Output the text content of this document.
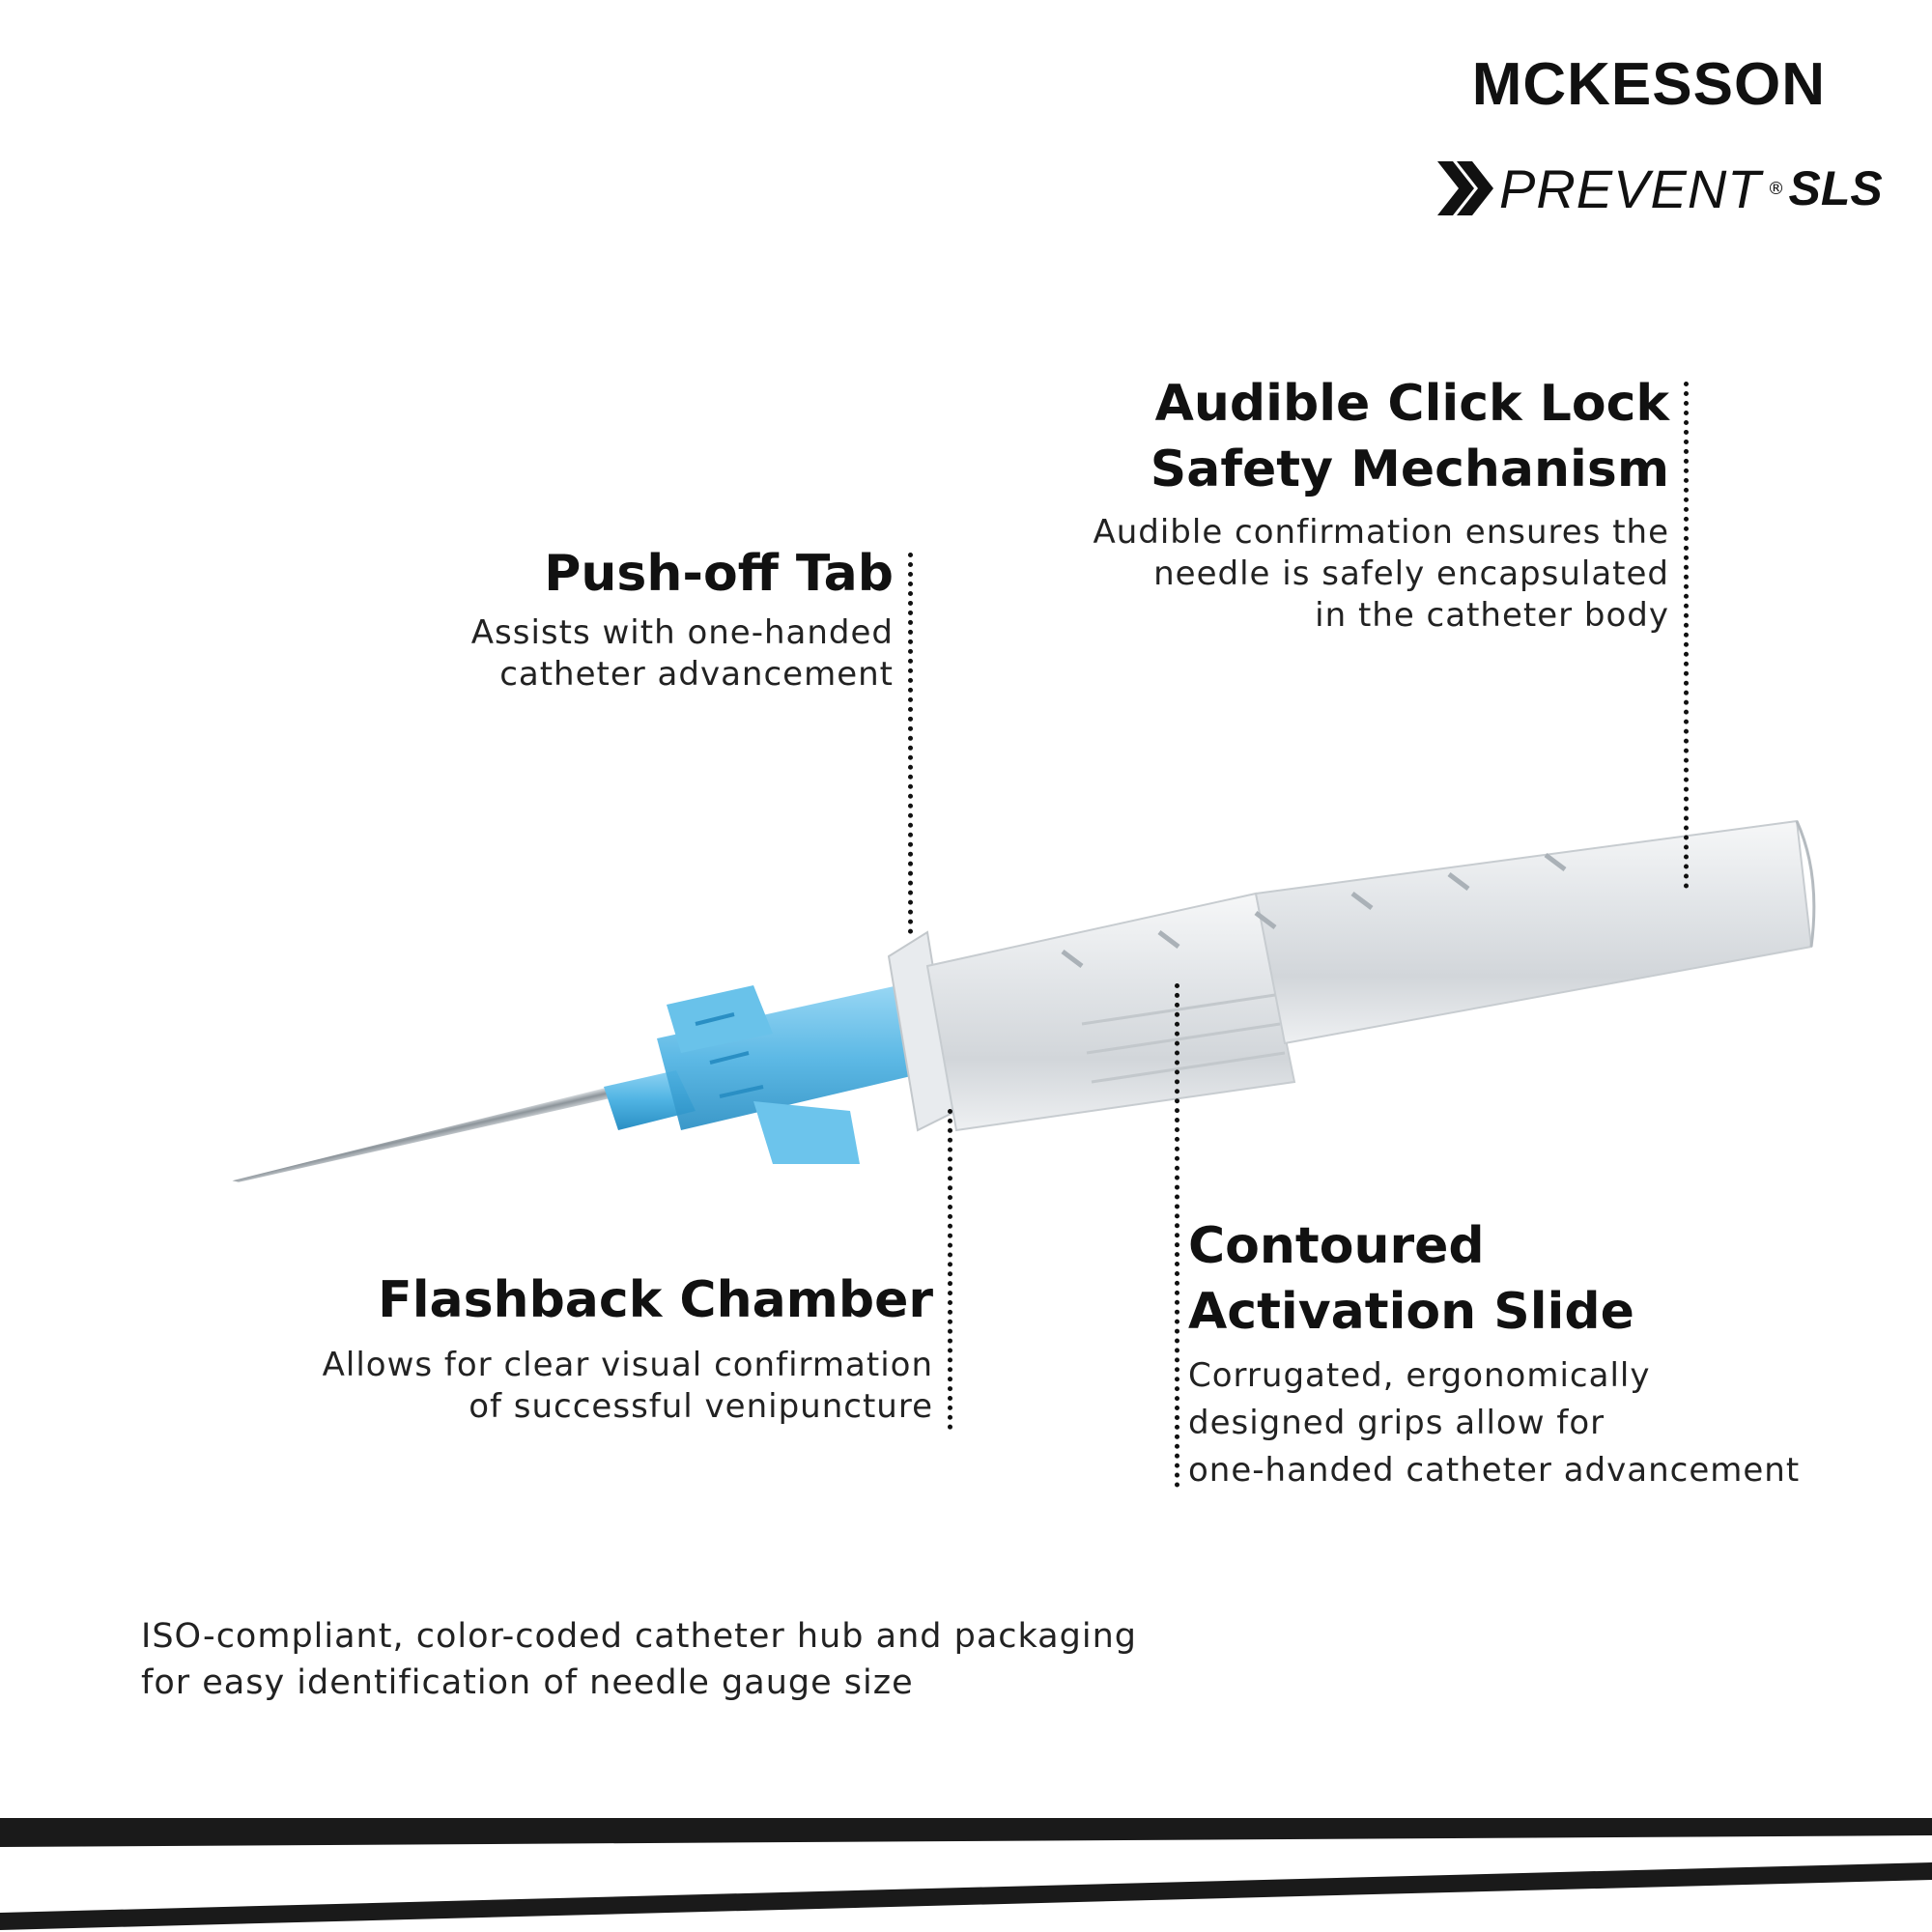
MCKESSON
PREVENT ® SLS
Push-off Tab
Assists with one-handed
catheter advancement
Audible Click Lock
Safety Mechanism
Audible confirmation ensures the
needle is safely encapsulated
in the catheter body
Flashback Chamber
Allows for clear visual confirmation
of successful venipuncture
Contoured
Activation Slide
Corrugated, ergonomically
designed grips allow for
one-handed catheter advancement
ISO-compliant, color-coded catheter hub and packaging
for easy identification of needle gauge size
